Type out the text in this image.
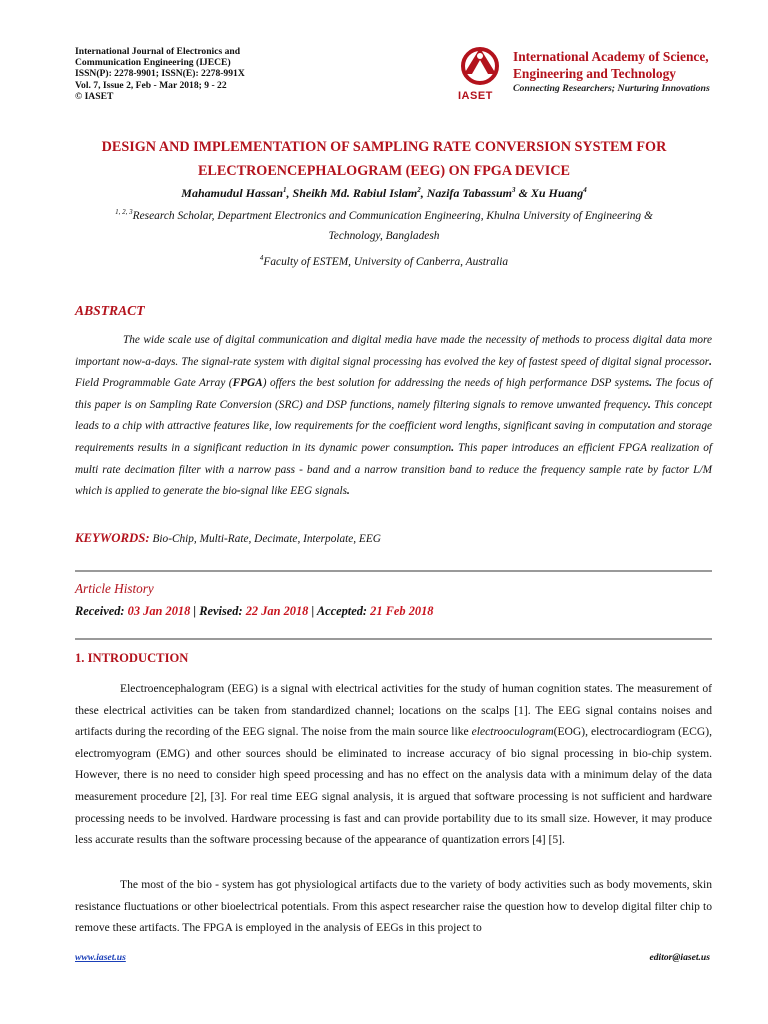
International Journal of Electronics and
Communication Engineering (IJECE)
ISSN(P): 2278-9901; ISSN(E): 2278-991X
Vol. 7, Issue 2, Feb - Mar 2018; 9 - 22
© IASET
International Academy of Science,
Engineering and Technology
Connecting Researchers; Nurturing Innovations
IASET
DESIGN AND IMPLEMENTATION OF SAMPLING RATE CONVERSION SYSTEM FOR
ELECTROENCEPHALOGRAM (EEG) ON FPGA DEVICE
Mahamudul Hassan$^1$, Sheikh Md. Rabiul Islam$^2$, Nazifa Tabassum$^3$ & Xu Huang$^4$
$^{1, 2, 3}$Research Scholar, Department Electronics and Communication Engineering, Khulna University of Engineering &
Technology, Bangladesh
$^4$Faculty of ESTEM, University of Canberra, Australia
ABSTRACT
The wide scale use of digital communication and digital media have made the necessity of methods to process digital data more important now-a-days. The signal-rate system with digital signal processing has evolved the key of fastest speed of digital signal processor. Field Programmable Gate Array (FPGA) offers the best solution for addressing the needs of high performance DSP systems. The focus of this paper is on Sampling Rate Conversion (SRC) and DSP functions, namely filtering signals to remove unwanted frequency. This concept leads to a chip with attractive features like, low requirements for the coefficient word lengths, significant saving in computation and storage requirements results in a significant reduction in its dynamic power consumption. This paper introduces an efficient FPGA realization of multi rate decimation filter with a narrow pass - band and a narrow transition band to reduce the frequency sample rate by factor L/M which is applied to generate the bio-signal like EEG signals.
KEYWORDS: Bio-Chip, Multi-Rate, Decimate, Interpolate, EEG
Article History
Received: 03 Jan 2018 | Revised: 22 Jan 2018 | Accepted: 21 Feb 2018
1. INTRODUCTION
Electroencephalogram (EEG) is a signal with electrical activities for the study of human cognition states. The measurement of these electrical activities can be taken from standardized channel; locations on the scalps [1]. The EEG signal contains noises and artifacts during the recording of the EEG signal. The noise from the main source like electrooculogram(EOG), electrocardiogram (ECG), electromyogram (EMG) and other sources should be eliminated to increase accuracy of bio signal processing in bio-chip system. However, there is no need to consider high speed processing and has no effect on the analysis data with a minimum delay of the data measurement procedure [2], [3]. For real time EEG signal analysis, it is argued that software processing is not sufficient and hardware processing needs to be involved. Hardware processing is fast and can provide portability due to its small size. However, it may produce less accurate results than the software processing because of the appearance of quantization errors [4] [5].
The most of the bio - system has got physiological artifacts due to the variety of body activities such as body movements, skin resistance fluctuations or other bioelectrical potentials. From this aspect researcher raise the question how to develop digital filter chip to remove these artifacts. The FPGA is employed in the analysis of EEGs in this project to
www.iaset.us	editor@iaset.us
